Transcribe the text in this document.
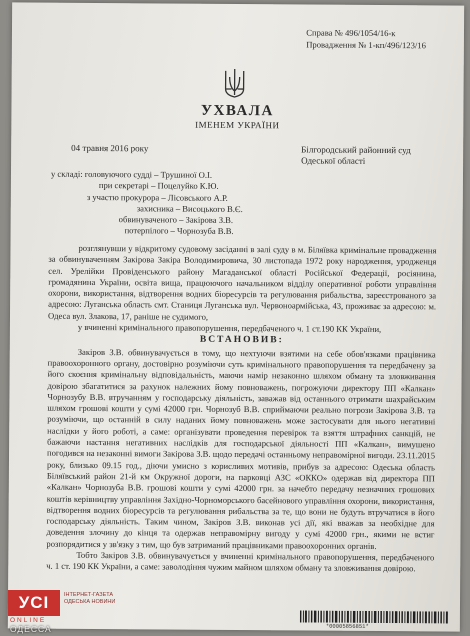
Справа № 496/1054/16-к
Провадження № 1-кп/496/123/16
УХВАЛА
ІМЕНЕМ УКРАЇНИ
04 травня 2016 року	Білгородський районний суд
Одеської області
у складі: головуючого судді – Трушиної О.І.
при секретарі – Поцелуйко К.Ю.
з участю прокурора – Лісовського А.Р.
захисника – Висоцького В.Є.
обвинуваченого – Закірова З.В.
потерпілого – Чорнозуба В.В.

розглянувши у відкритому судовому засіданні в залі суду в м. Біляївка кримінальне провадження за обвинуваченням Закірова Закіра Володимировича, 30 листопада 1972 року народження, уродженця сел. Урелійки Провіденського району Магаданської області Російської Федерації, росіянина, громадянина України, освіта вища, працюючого начальником відділу оперативної роботи управління охорони, використання, відтворення водних біоресурсів та регулювання рибальства, зареєстрованого за адресою: Луганська область смт. Станиця Луганська вул. Червоноармійська, 43, проживає за адресою: м. Одеса вул. Злакова, 17, раніше не судимого,

у вчиненні кримінального правопорушення, передбаченого ч. 1 ст.190 КК України,

ВСТАНОВИВ:

Закіров З.В. обвинувачується в тому, що нехтуючи взятими на себе обов'язками працівника правоохоронного органу, достовірно розуміючи суть кримінального правопорушення та передбачену за його скоєння кримінальну відповідальність, маючи намір незаконно шляхом обману та зловживання довірою збагатитися за рахунок належних йому повноважень, погрожуючи директору ПП «Калкан» Чорнозубу В.В. втручанням у господарську діяльність, заважав від останнього отримати шахрайським шляхом грошові кошти у сумі 42000 грн. Чорнозуб В.В. сприймаючи реально погрози Закірова З.В. та розуміючи, що останній в силу наданих йому повноважень може застосувати для нього негативні наслідки у його роботі, а саме: організувати проведення перевірок та взяття штрафних санкцій, не бажаючи настання негативних наслідків для господарської діяльності ПП «Калкан», вимушено погодився на незаконні вимоги Закірова З.В. щодо передачі останньому неправомірної вигоди. 23.11.2015 року, близько 09.15 год., діючи умисно з корисливих мотивів, прибув за адресою: Одеська область Біляївський район 21-й км Окружної дороги, на парковці АЗС «ОККО» одержав від директора ПП «Калкан» Чорнозуба В.В. грошові кошти у сумі 42000 грн. за начебто передачу незначних грошових коштів керівництву управління Західно-Чорноморського басейнового управління охорони, використання, відтворення водних біоресурсів та регулювання рибальства за те, що вони не будуть втручатися в його господарську діяльність. Таким чином, Закіров З.В. виконав усі дії, які вважав за необхідне для доведення злочину до кінця та одержав неправомірну вигоду у сумі 42000 грн., якими не встиг розпорядитися у зв'язку з тим, що був затриманий працівниками правоохоронних органів.

Тобто Закіров З.В. обвинувачується у вчиненні кримінального правопорушення, передбаченого ч. 1 ст. 190 КК України, а саме: заволодіння чужим майном шляхом обману та зловживання довірою.

*00005856851*
УСІ
ONLINE
ІНТЕРНЕТ-ГАЗЕТА ОДЕСЬКА НОВИНИ
ОДЕССА
